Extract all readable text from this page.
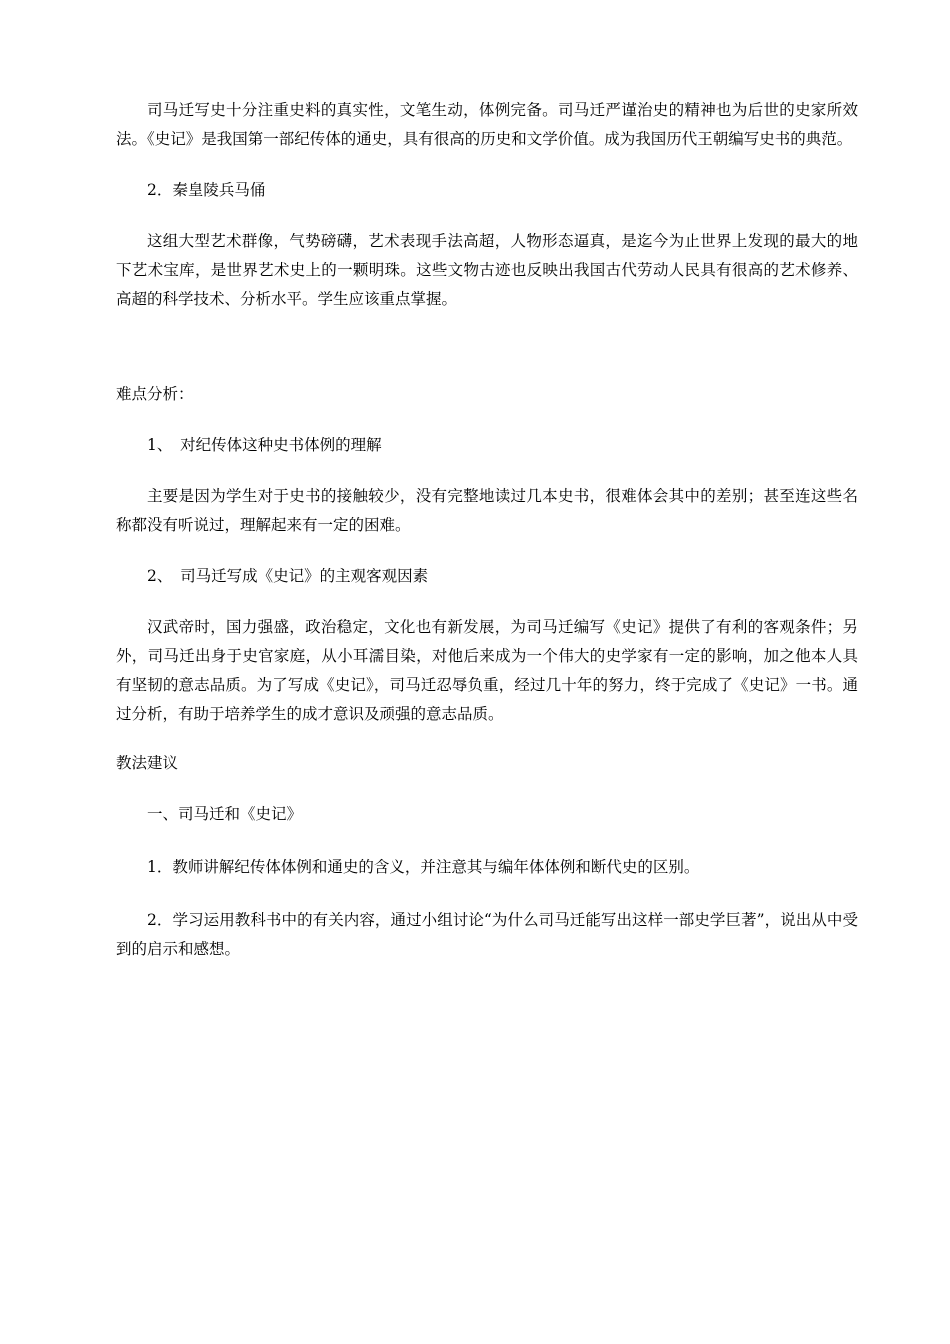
司马迁写史十分注重史料的真实性，文笔生动，体例完备。司马迁严谨治史的精神也为后世的史家所效法。《史记》是我国第一部纪传体的通史，具有很高的历史和文学价值。成为我国历代王朝编写史书的典范。

2．秦皇陵兵马俑

这组大型艺术群像，气势磅礴，艺术表现手法高超，人物形态逼真，是迄今为止世界上发现的最大的地下艺术宝库，是世界艺术史上的一颗明珠。这些文物古迹也反映出我国古代劳动人民具有很高的艺术修养、高超的科学技术、分析水平。学生应该重点掌握。

难点分析：

1、　对纪传体这种史书体例的理解

主要是因为学生对于史书的接触较少，没有完整地读过几本史书，很难体会其中的差别；甚至连这些名称都没有听说过，理解起来有一定的困难。

2、　司马迁写成《史记》的主观客观因素

汉武帝时，国力强盛，政治稳定，文化也有新发展，为司马迁编写《史记》提供了有利的客观条件；另外，司马迁出身于史官家庭，从小耳濡目染，对他后来成为一个伟大的史学家有一定的影响，加之他本人具有坚韧的意志品质。为了写成《史记》，司马迁忍辱负重，经过几十年的努力，终于完成了《史记》一书。通过分析，有助于培养学生的成才意识及顽强的意志品质。

教法建议

一、司马迁和《史记》

1．教师讲解纪传体体例和通史的含义，并注意其与编年体体例和断代史的区别。

2．学习运用教科书中的有关内容，通过小组讨论“为什么司马迁能写出这样一部史学巨著”，说出从中受到的启示和感想。
